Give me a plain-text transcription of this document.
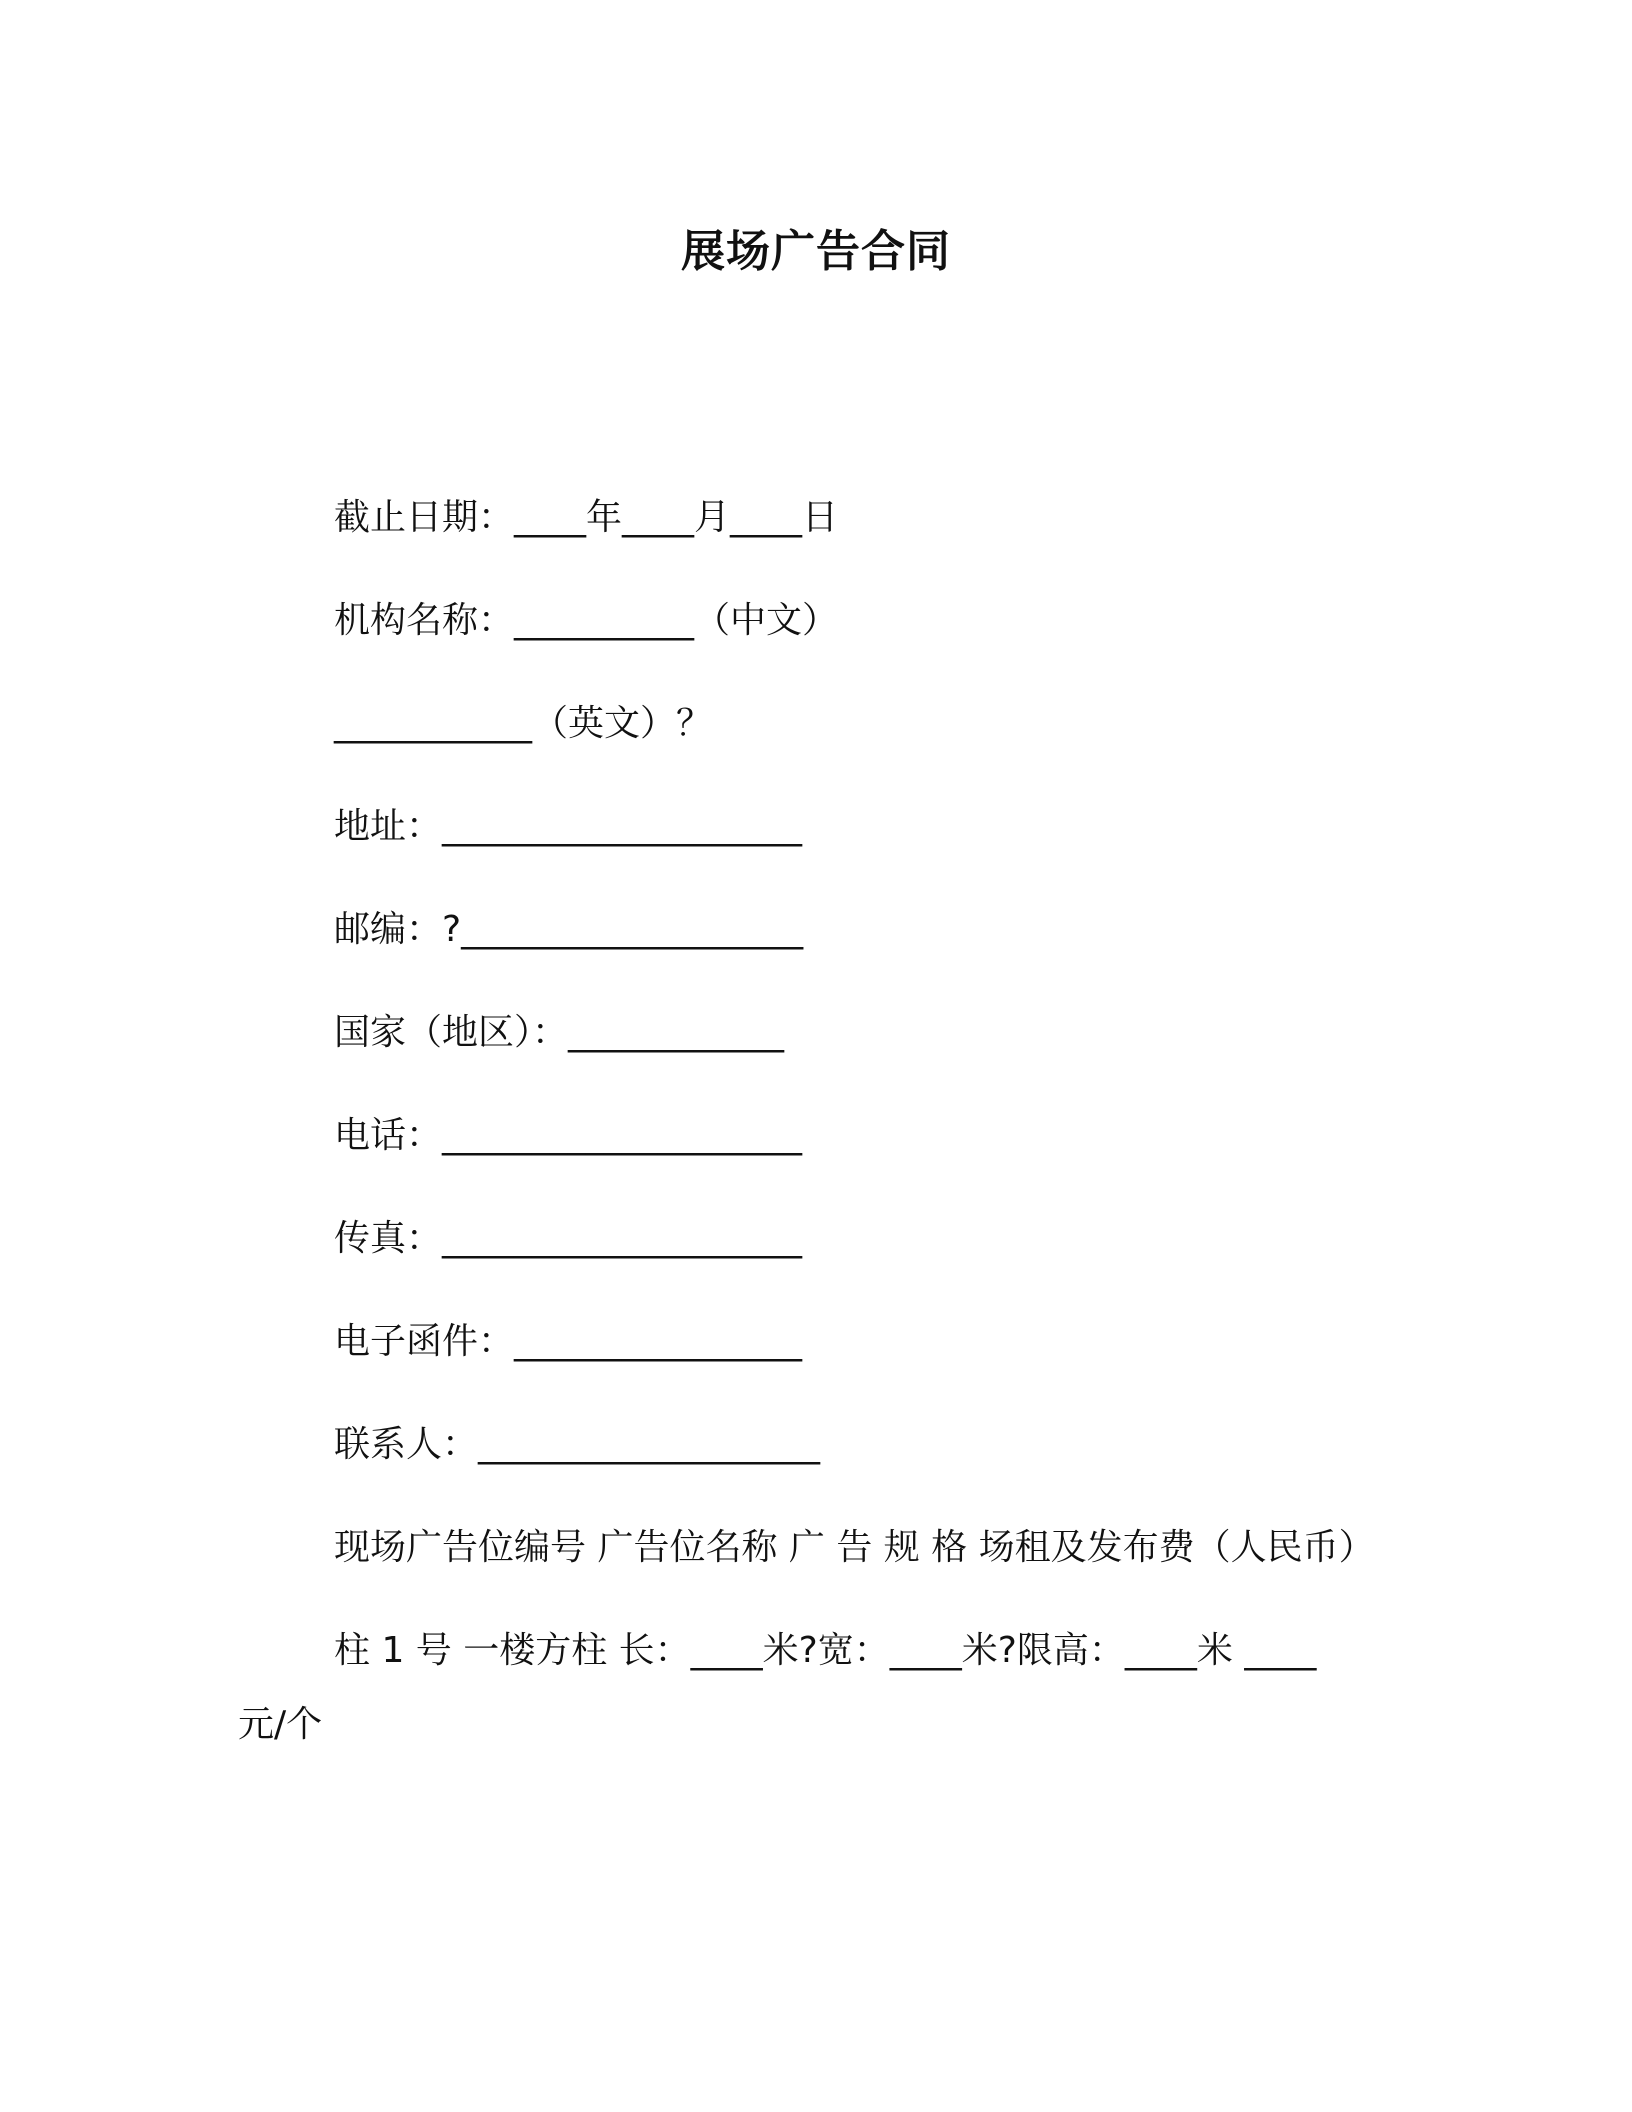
展场广告合同
截止日期：____年____月____日
机构名称：__________（中文）
___________（英文）？
地址：____________________
邮编：?___________________
国家（地区）：____________
电话：____________________
传真：____________________
电子函件：________________
联系人：___________________
现场广告位编号 广告位名称 广 告 规 格 场租及发布费（人民币）
柱 1 号 一楼方柱 长：____米?宽：____米?限高：____米 ____
元/个
